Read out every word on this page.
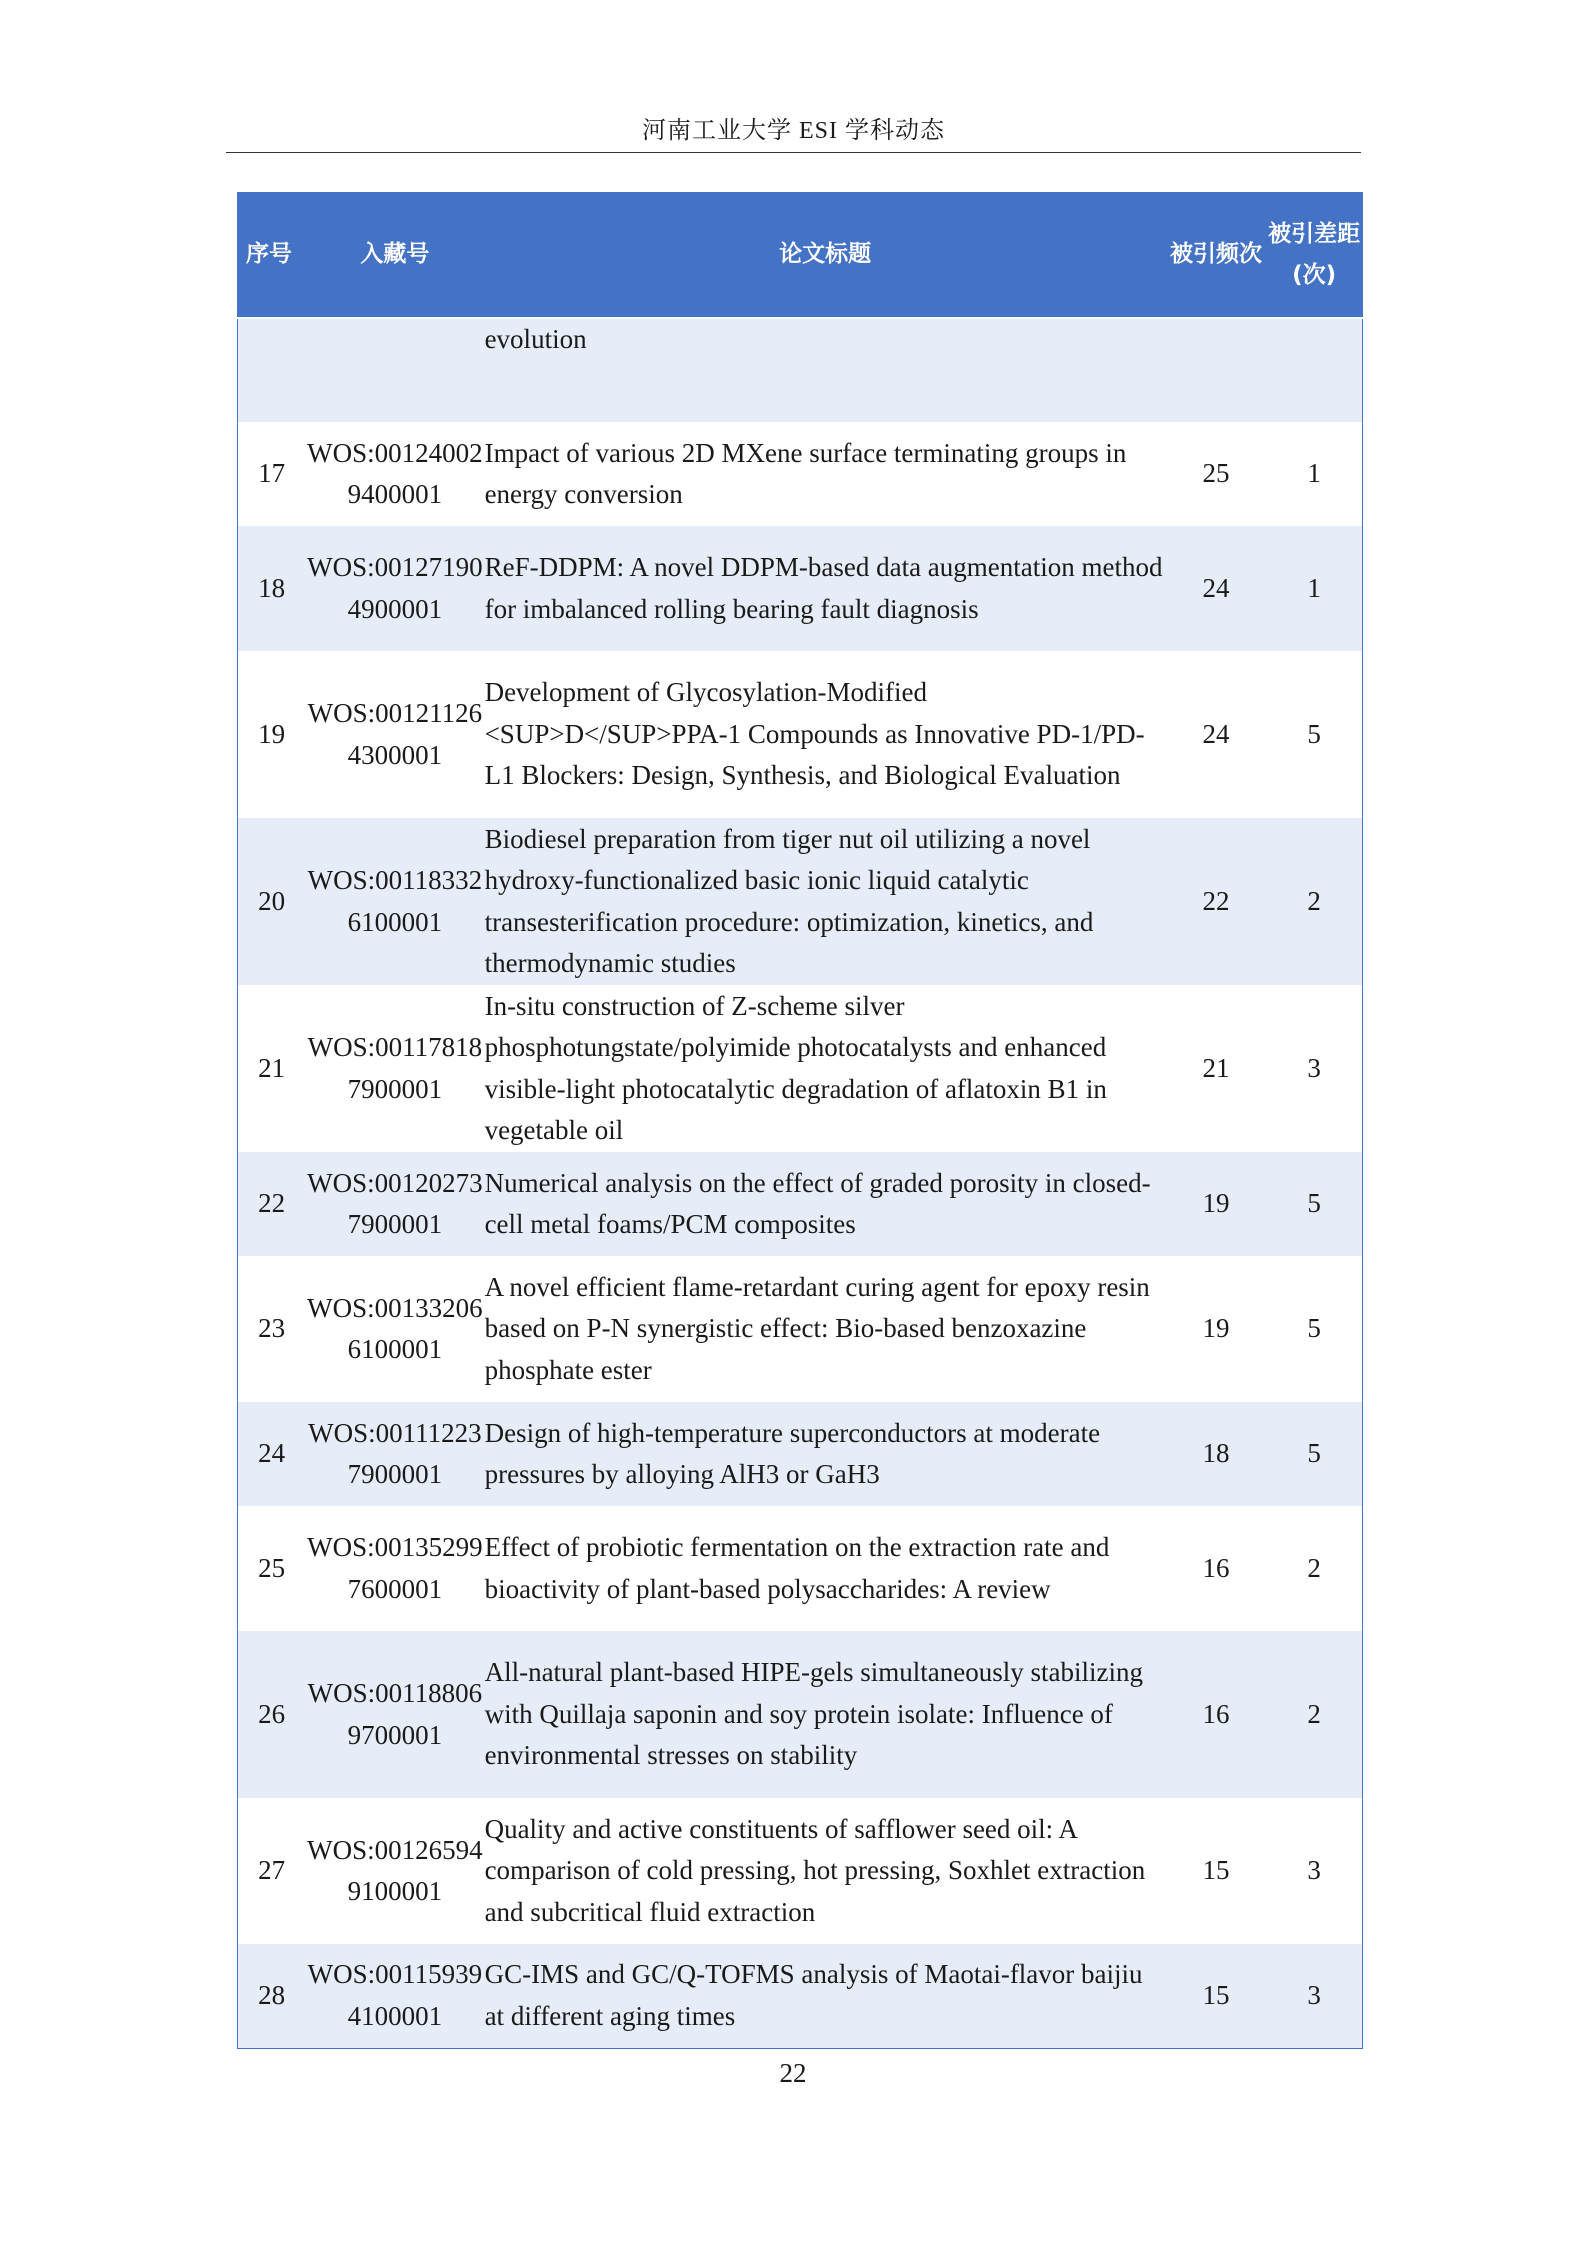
河南工业大学 ESI 学科动态
序号	入藏号	论文标题	被引频次	被引差距(次)
		evolution		
17	WOS:001240029400001	Impact of various 2D MXene surface terminating groups in energy conversion	25	1
18	WOS:001271904900001	ReF-DDPM: A novel DDPM-based data augmentation method for imbalanced rolling bearing fault diagnosis	24	1
19	WOS:001211264300001	Development of Glycosylation-Modified <SUP>D</SUP>PPA-1 Compounds as Innovative PD-1/PD-L1 Blockers: Design, Synthesis, and Biological Evaluation	24	5
20	WOS:001183326100001	Biodiesel preparation from tiger nut oil utilizing a novel hydroxy-functionalized basic ionic liquid catalytic transesterification procedure: optimization, kinetics, and thermodynamic studies	22	2
21	WOS:001178187900001	In-situ construction of Z-scheme silver phosphotungstate/polyimide photocatalysts and enhanced visible-light photocatalytic degradation of aflatoxin B1 in vegetable oil	21	3
22	WOS:001202737900001	Numerical analysis on the effect of graded porosity in closed-cell metal foams/PCM composites	19	5
23	WOS:001332066100001	A novel efficient flame-retardant curing agent for epoxy resin based on P-N synergistic effect: Bio-based benzoxazine phosphate ester	19	5
24	WOS:001112237900001	Design of high-temperature superconductors at moderate pressures by alloying AlH3 or GaH3	18	5
25	WOS:001352997600001	Effect of probiotic fermentation on the extraction rate and bioactivity of plant-based polysaccharides: A review	16	2
26	WOS:001188069700001	All-natural plant-based HIPE-gels simultaneously stabilizing with Quillaja saponin and soy protein isolate: Influence of environmental stresses on stability	16	2
27	WOS:001265949100001	Quality and active constituents of safflower seed oil: A comparison of cold pressing, hot pressing, Soxhlet extraction and subcritical fluid extraction	15	3
28	WOS:001159394100001	GC-IMS and GC/Q-TOFMS analysis of Maotai-flavor baijiu at different aging times	15	3
22
